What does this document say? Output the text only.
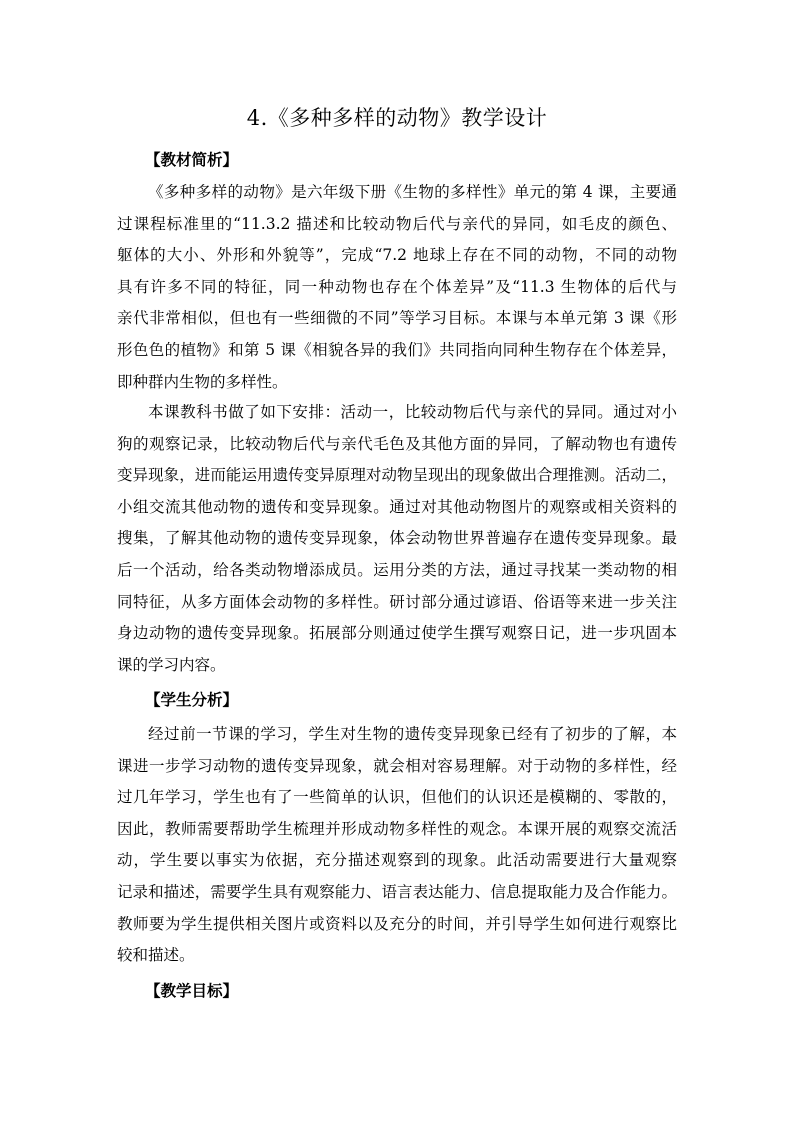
4.《多种多样的动物》教学设计
【教材简析】
《多种多样的动物》是六年级下册《生物的多样性》单元的第 4 课，主要通
过课程标准里的“11.3.2 描述和比较动物后代与亲代的异同，如毛皮的颜色、
躯体的大小、外形和外貌等”，完成“7.2 地球上存在不同的动物，不同的动物
具有许多不同的特征，同一种动物也存在个体差异”及“11.3 生物体的后代与
亲代非常相似，但也有一些细微的不同”等学习目标。本课与本单元第 3 课《形
形色色的植物》和第 5 课《相貌各异的我们》共同指向同种生物存在个体差异，
即种群内生物的多样性。
本课教科书做了如下安排：活动一，比较动物后代与亲代的异同。通过对小
狗的观察记录，比较动物后代与亲代毛色及其他方面的异同，了解动物也有遗传
变异现象，进而能运用遗传变异原理对动物呈现出的现象做出合理推测。活动二，
小组交流其他动物的遗传和变异现象。通过对其他动物图片的观察或相关资料的
搜集，了解其他动物的遗传变异现象，体会动物世界普遍存在遗传变异现象。最
后一个活动，给各类动物增添成员。运用分类的方法，通过寻找某一类动物的相
同特征，从多方面体会动物的多样性。研讨部分通过谚语、俗语等来进一步关注
身边动物的遗传变异现象。拓展部分则通过使学生撰写观察日记，进一步巩固本
课的学习内容。
【学生分析】
经过前一节课的学习，学生对生物的遗传变异现象已经有了初步的了解，本
课进一步学习动物的遗传变异现象，就会相对容易理解。对于动物的多样性，经
过几年学习，学生也有了一些简单的认识，但他们的认识还是模糊的、零散的，
因此，教师需要帮助学生梳理并形成动物多样性的观念。本课开展的观察交流活
动，学生要以事实为依据，充分描述观察到的现象。此活动需要进行大量观察
记录和描述，需要学生具有观察能力、语言表达能力、信息提取能力及合作能力。
教师要为学生提供相关图片或资料以及充分的时间，并引导学生如何进行观察比
较和描述。
【教学目标】
